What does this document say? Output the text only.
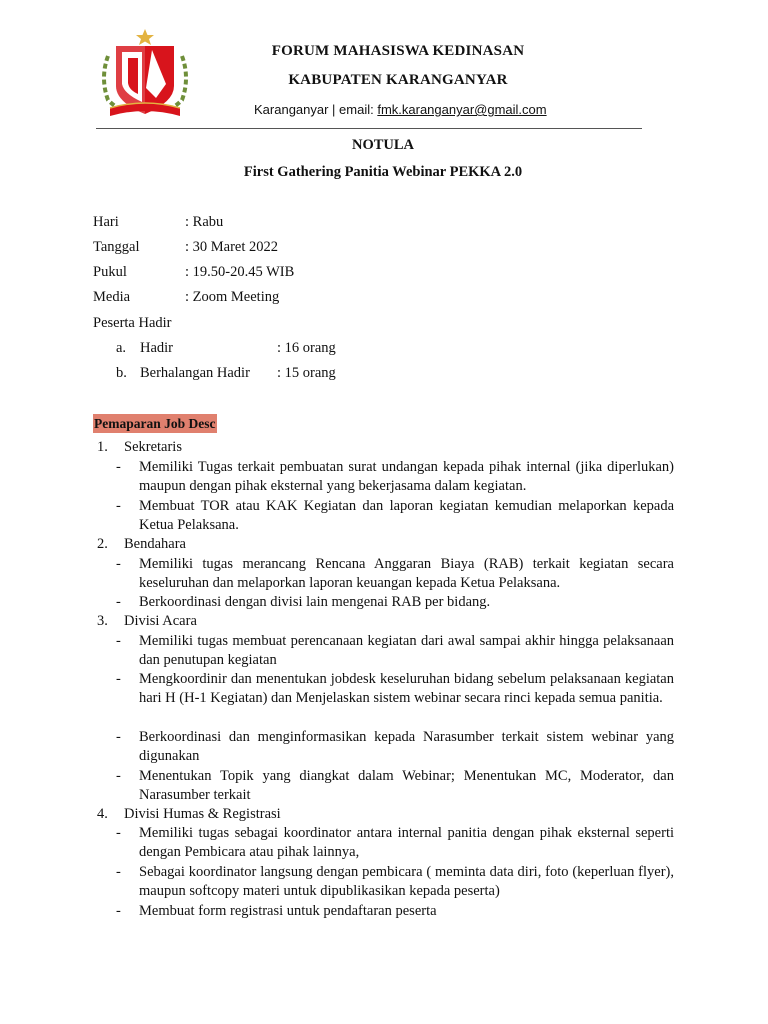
FORUM MAHASISWA KEDINASAN
KABUPATEN KARANGANYAR
Karanganyar | email: fmk.karanganyar@gmail.com
NOTULA
First Gathering Panitia Webinar PEKKA 2.0
Hari	: Rabu
Tanggal	: 30 Maret 2022
Pukul	: 19.50-20.45 WIB
Media	: Zoom Meeting
Peserta Hadir
a. Hadir	: 16 orang
b. Berhalangan Hadir : 15 orang
Pemaparan Job Desc
1. Sekretaris
- Memiliki Tugas terkait pembuatan surat undangan kepada pihak internal (jika diperlukan) maupun dengan pihak eksternal yang bekerjasama dalam kegiatan.
- Membuat TOR atau KAK Kegiatan dan laporan kegiatan kemudian melaporkan kepada Ketua Pelaksana.
2. Bendahara
- Memiliki tugas merancang Rencana Anggaran Biaya (RAB) terkait kegiatan secara keseluruhan dan melaporkan laporan keuangan kepada Ketua Pelaksana.
- Berkoordinasi dengan divisi lain mengenai RAB per bidang.
3. Divisi Acara
- Memiliki tugas membuat perencanaan kegiatan dari awal sampai akhir hingga pelaksanaan dan penutupan kegiatan
- Mengkoordinir dan menentukan jobdesk keseluruhan bidang sebelum pelaksanaan kegiatan hari H (H-1 Kegiatan) dan Menjelaskan sistem webinar secara rinci kepada semua panitia.
- Berkoordinasi dan menginformasikan kepada Narasumber terkait sistem webinar yang digunakan
- Menentukan Topik yang diangkat dalam Webinar; Menentukan MC, Moderator, dan Narasumber terkait
4. Divisi Humas & Registrasi
- Memiliki tugas sebagai koordinator antara internal panitia dengan pihak eksternal seperti dengan Pembicara atau pihak lainnya,
- Sebagai koordinator langsung dengan pembicara ( meminta data diri, foto (keperluan flyer), maupun softcopy materi untuk dipublikasikan kepada peserta)
- Membuat form registrasi untuk pendaftaran peserta
